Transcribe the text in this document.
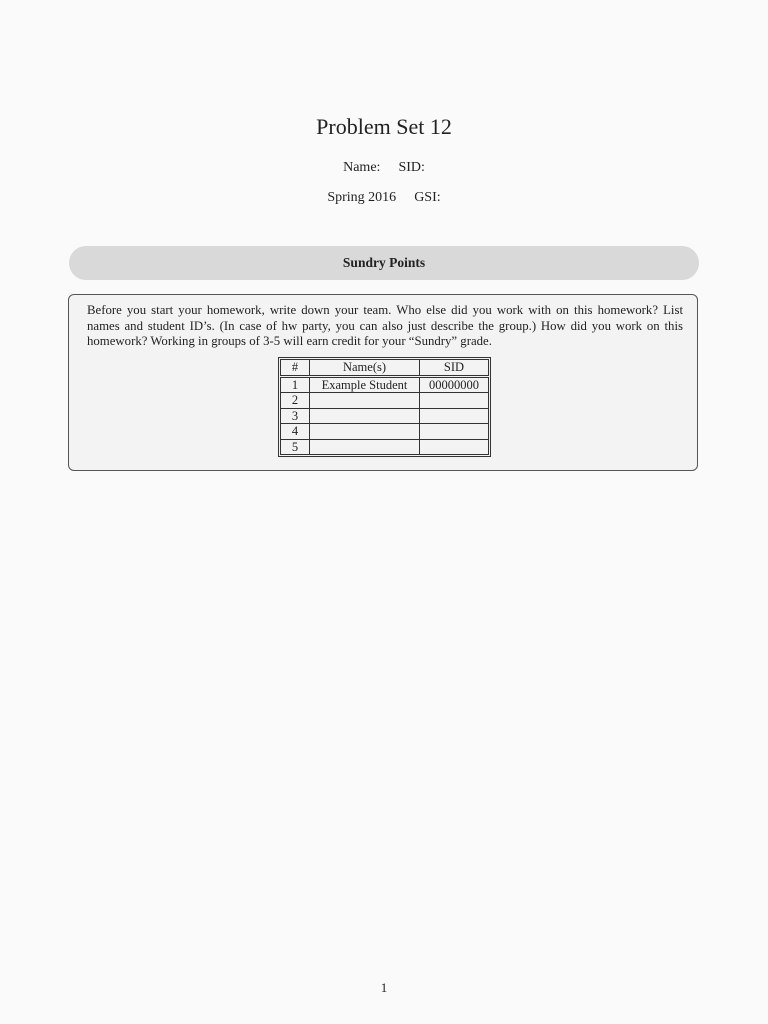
Problem Set 12
Name: SID:
Spring 2016 GSI:
Sundry Points
Before you start your homework, write down your team. Who else did you work with on this homework? List names and student ID’s. (In case of hw party, you can also just describe the group.) How did you work on this homework? Working in groups of 3-5 will earn credit for your “Sundry” grade.
#	Name(s)	SID
1	Example Student	00000000
2		
3		
4		
5		
1
